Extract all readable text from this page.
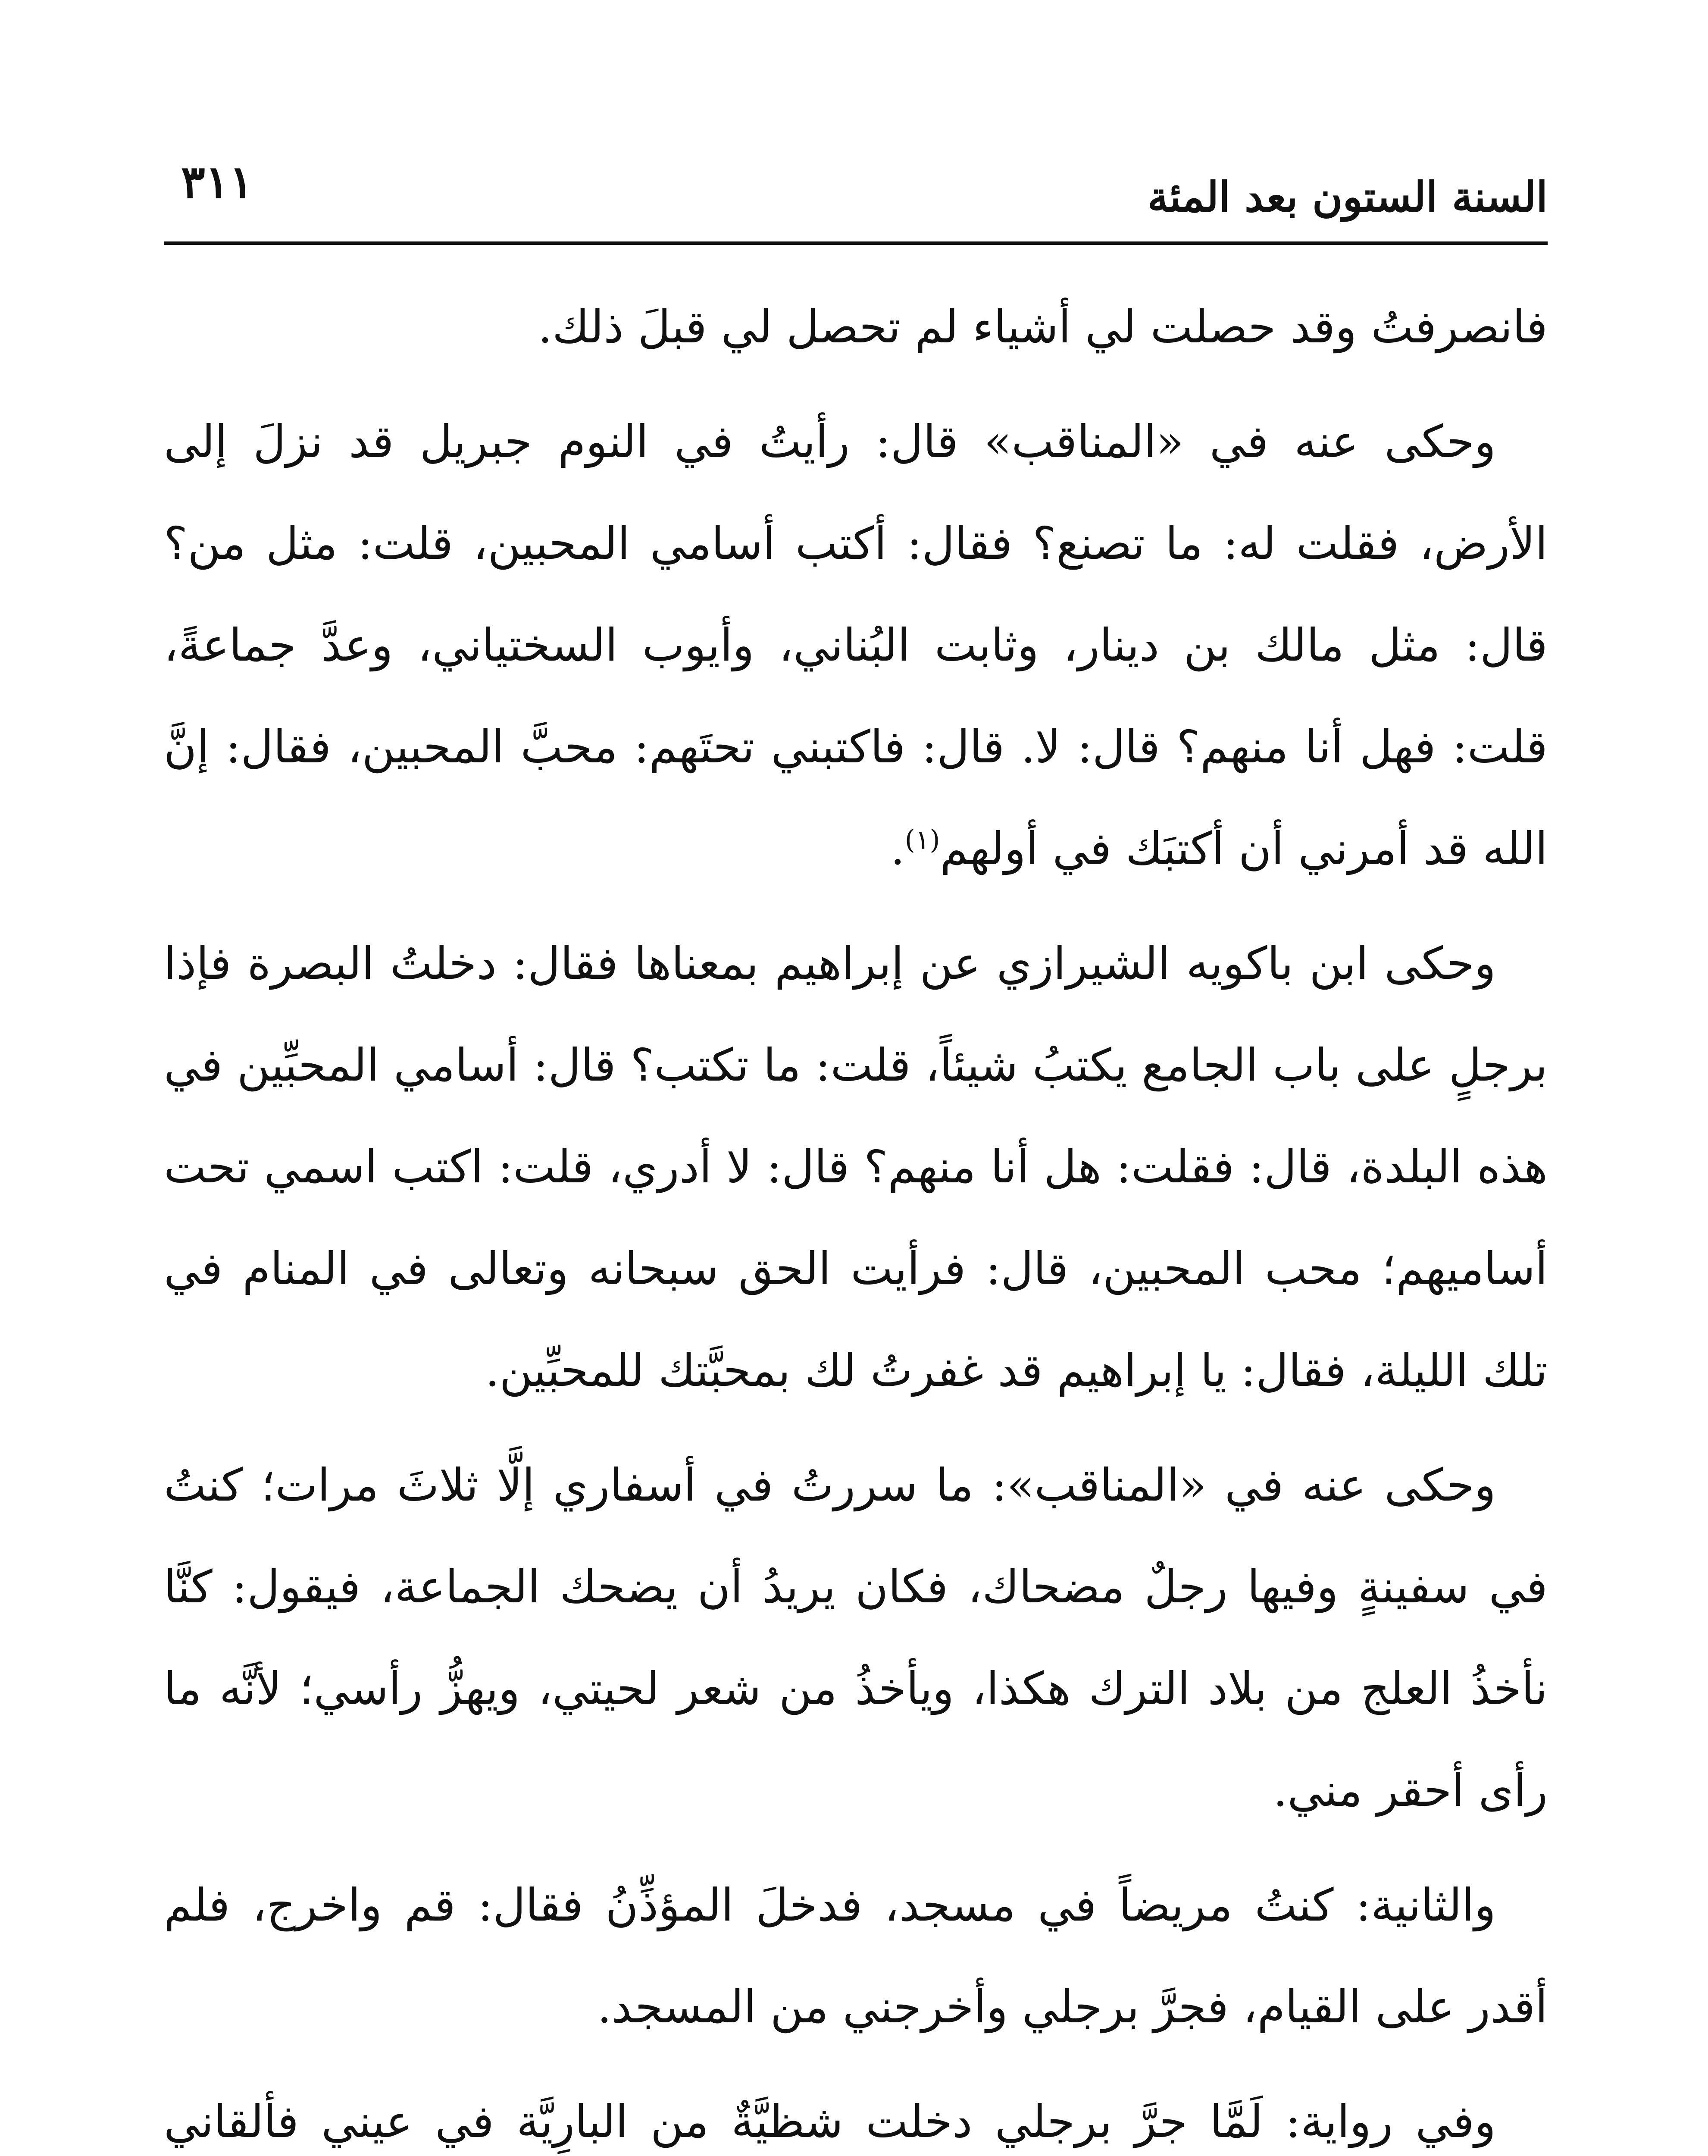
السنة الستون بعد المئة
٣١١

فانصرفتُ وقد حصلت لي أشياء لم تحصل لي قبلَ ذلك.

وحكى عنه في «المناقب» قال: رأيتُ في النوم جبريل قد نزلَ إلى الأرض، فقلت له: ما تصنع؟ فقال: أكتب أسامي المحبين، قلت: مثل من؟ قال: مثل مالك بن دينار، وثابت البُناني، وأيوب السختياني، وعدَّ جماعةً، قلت: فهل أنا منهم؟ قال: لا. قال: فاكتبني تحتَهم: محبَّ المحبين، فقال: إنَّ الله قد أمرني أن أكتبَك في أولهم$^{(١)}$.

وحكى ابن باكويه الشيرازي عن إبراهيم بمعناها فقال: دخلتُ البصرة فإذا برجلٍ على باب الجامع يكتبُ شيئاً، قلت: ما تكتب؟ قال: أسامي المحبِّين في هذه البلدة، قال: فقلت: هل أنا منهم؟ قال: لا أدري، قلت: اكتب اسمي تحت أساميهم؛ محب المحبين، قال: فرأيت الحق سبحانه وتعالى في المنام في تلك الليلة، فقال: يا إبراهيم قد غفرتُ لك بمحبَّتك للمحبِّين.

وحكى عنه في «المناقب»: ما سررتُ في أسفاري إلَّا ثلاثَ مرات؛ كنتُ في سفينةٍ وفيها رجلٌ مضحاك، فكان يريدُ أن يضحك الجماعة، فيقول: كنَّا نأخذُ العلج من بلاد الترك هكذا، ويأخذُ من شعر لحيتي، ويهزُّ رأسي؛ لأنَّه ما رأى أحقر مني.

والثانية: كنتُ مريضاً في مسجد، فدخلَ المؤذِّنُ فقال: قم واخرج، فلم أقدر على القيام، فجرَّ برجلي وأخرجني من المسجد.

وفي رواية: لَمَّا جرَّ برجلي دخلت شظيَّةٌ من البارِيَّة في عيني فألقاني
